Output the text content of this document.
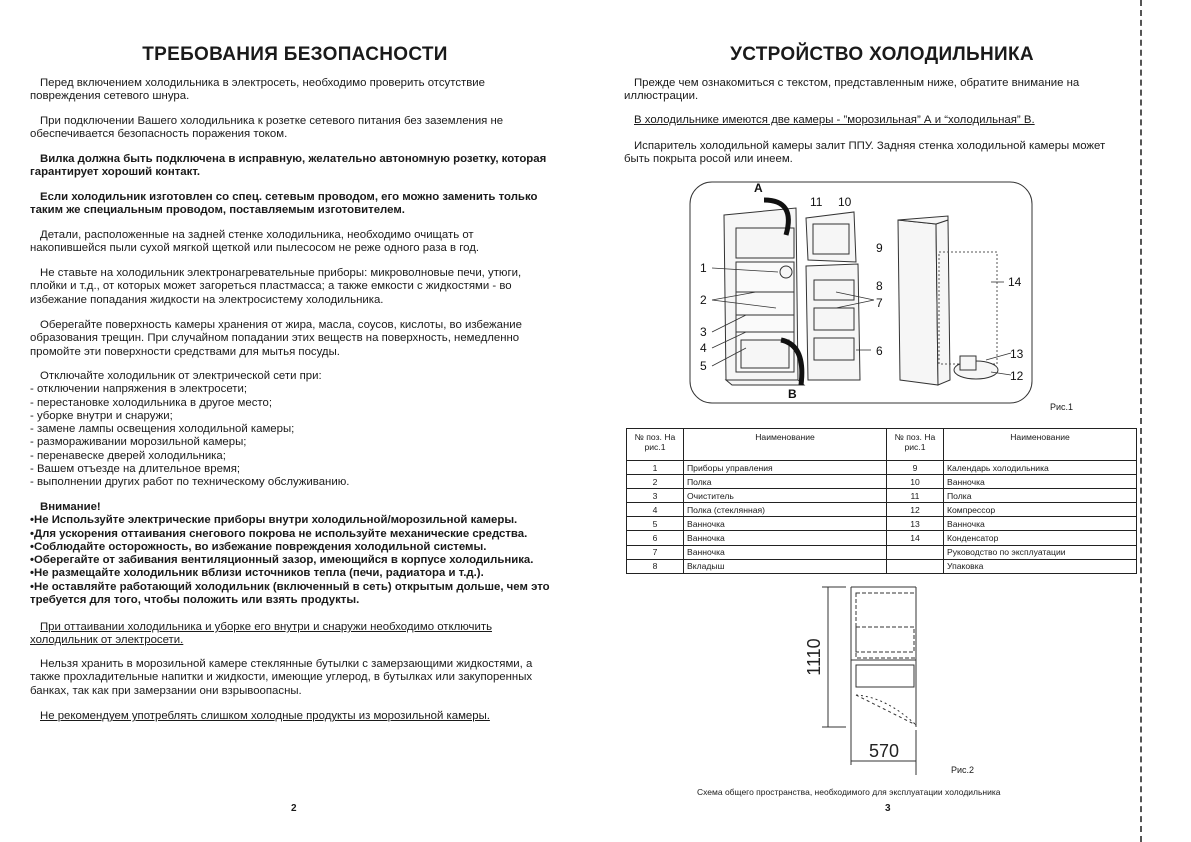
ТРЕБОВАНИЯ БЕЗОПАСНОСТИ

Перед включением холодильника в электросеть, необходимо проверить отсутствие повреждения сетевого шнура.

При подключении Вашего холодильника к розетке сетевого питания без заземления не обеспечивается безопасность поражения током.

Вилка должна быть подключена в исправную, желательно автономную розетку, которая гарантирует хороший контакт.

Если холодильник изготовлен со спец. сетевым проводом, его можно заменить только таким же специальным проводом, поставляемым изготовителем.

Детали, расположенные на задней стенке холодильника, необходимо очищать от накопившейся пыли сухой мягкой щеткой или пылесосом не реже одного раза в год.

Не ставьте на холодильник электронагревательные приборы: микроволновые печи, утюги, плойки и т.д., от которых может загореться пластмасса; а также емкости с жидкостями - во избежание попадания жидкости на электросистему холодильника.

Оберегайте поверхность камеры хранения от жира, масла, соусов, кислоты, во избежание образования трещин. При случайном попадании этих веществ на поверхность, немедленно промойте эти поверхности средствами для мытья посуды.

Отключайте холодильник от электрической сети при:

- отключении напряжения в электросети;

- перестановке холодильника в другое место;

- уборке внутри и снаружи;

- замене лампы освещения холодильной камеры;

- размораживании морозильной камеры;

- перенавеске дверей холодильника;

- Вашем отъезде на длительное время;

- выполнении других работ по техническому обслуживанию.

Внимание!

•Не Используйте электрические приборы внутри холодильной/морозильной камеры.

•Для ускорения оттаивания снегового покрова не используйте механические средства.

•Соблюдайте осторожность, во избежание повреждения холодильной системы.

•Оберегайте от забивания вентиляционный зазор, имеющийся в корпусе холодильника.

•Не размещайте холодильник вблизи источников тепла (печи, радиатора и т.д.).

•Не оставляйте работающий холодильник (включенный в сеть) открытым дольше, чем это требуется для того, чтобы положить или взять продукты.

При оттаивании холодильника и уборке его внутри и снаружи необходимо отключить холодильник от электросети.

Нельзя хранить в морозильной камере стеклянные бутылки с замерзающими жидкостями, а также прохладительные напитки и жидкости, имеющие углерод, в бутылках или закупоренных банках, так как при замерзании они взрывоопасны.

Не рекомендуем употреблять слишком холодные продукты из морозильной камеры.

2
УСТРОЙСТВО ХОЛОДИЛЬНИКА

Прежде чем ознакомиться с текстом, представленным ниже, обратите внимание на иллюстрации.

В холодильнике имеются две камеры - ”морозильная” А и “холодильная” В.

Испаритель холодильной камеры залит ППУ. Задняя стенка холодильной камеры может быть покрыта росой или инеем.

A
B
1
2
3
4
5
6
7
8
9
10
11
12
13
14
Рис.1
№ поз. На рис.1	Наименование	№ поз. На рис.1	Наименование
1	Приборы управления	9	Календарь холодильника
2	Полка	10	Ванночка
3	Очиститель	11	Полка
4	Полка (стеклянная)	12	Компрессор
5	Ванночка	13	Ванночка
6	Ванночка	14	Конденсатор
7	Ванночка		Руководство по эксплуатации
8	Вкладыш		Упаковка
1110
570
Рис.2
Схема общего пространства, необходимого для эксплуатации холодильника
3
